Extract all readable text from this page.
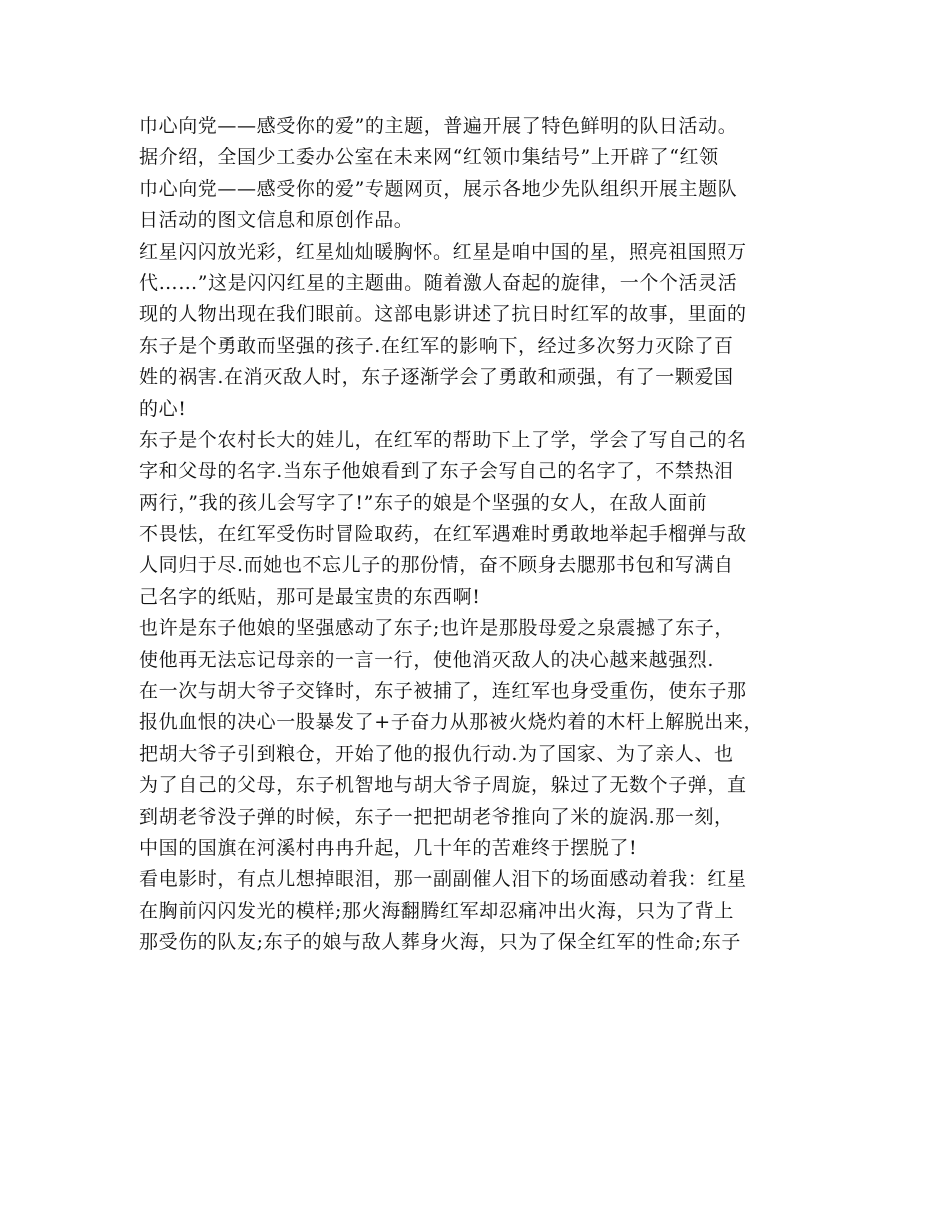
巾心向党——感受你的爱”的主题，普遍开展了特色鲜明的队日活动。
据介绍，全国少工委办公室在未来网“红领巾集结号”上开辟了“红领
巾心向党——感受你的爱”专题网页，展示各地少先队组织开展主题队
日活动的图文信息和原创作品。
红星闪闪放光彩，红星灿灿暖胸怀。红星是咱中国的星，照亮祖国照万
代……”这是闪闪红星的主题曲。随着激人奋起的旋律，一个个活灵活
现的人物出现在我们眼前。这部电影讲述了抗日时红军的故事，里面的
东子是个勇敢而坚强的孩子.在红军的影响下，经过多次努力灭除了百
姓的祸害.在消灭敌人时，东子逐渐学会了勇敢和顽强，有了一颗爱国
的心!
东子是个农村长大的娃儿，在红军的帮助下上了学，学会了写自己的名
字和父母的名字.当东子他娘看到了东子会写自己的名字了，不禁热泪
两行，”我的孩儿会写字了!”东子的娘是个坚强的女人，在敌人面前
不畏怯，在红军受伤时冒险取药，在红军遇难时勇敢地举起手榴弹与敌
人同归于尽.而她也不忘儿子的那份情，奋不顾身去腮那书包和写满自
己名字的纸贴，那可是最宝贵的东西啊!
也许是东子他娘的坚强感动了东子;也许是那股母爱之泉震撼了东子，
使他再无法忘记母亲的一言一行，使他消灭敌人的决心越来越强烈.
在一次与胡大爷子交锋时，东子被捕了，连红军也身受重伤，使东子那
报仇血恨的决心一股暴发了+子奋力从那被火烧灼着的木杆上解脱出来，
把胡大爷子引到粮仓，开始了他的报仇行动.为了国家、为了亲人、也
为了自己的父母，东子机智地与胡大爷子周旋，躲过了无数个子弹，直
到胡老爷没子弹的时候，东子一把把胡老爷推向了米的旋涡.那一刻，
中国的国旗在河溪村冉冉升起，几十年的苦难终于摆脱了!
看电影时，有点儿想掉眼泪，那一副副催人泪下的场面感动着我：红星
在胸前闪闪发光的模样;那火海翻腾红军却忍痛冲出火海，只为了背上
那受伤的队友;东子的娘与敌人葬身火海，只为了保全红军的性命;东子
